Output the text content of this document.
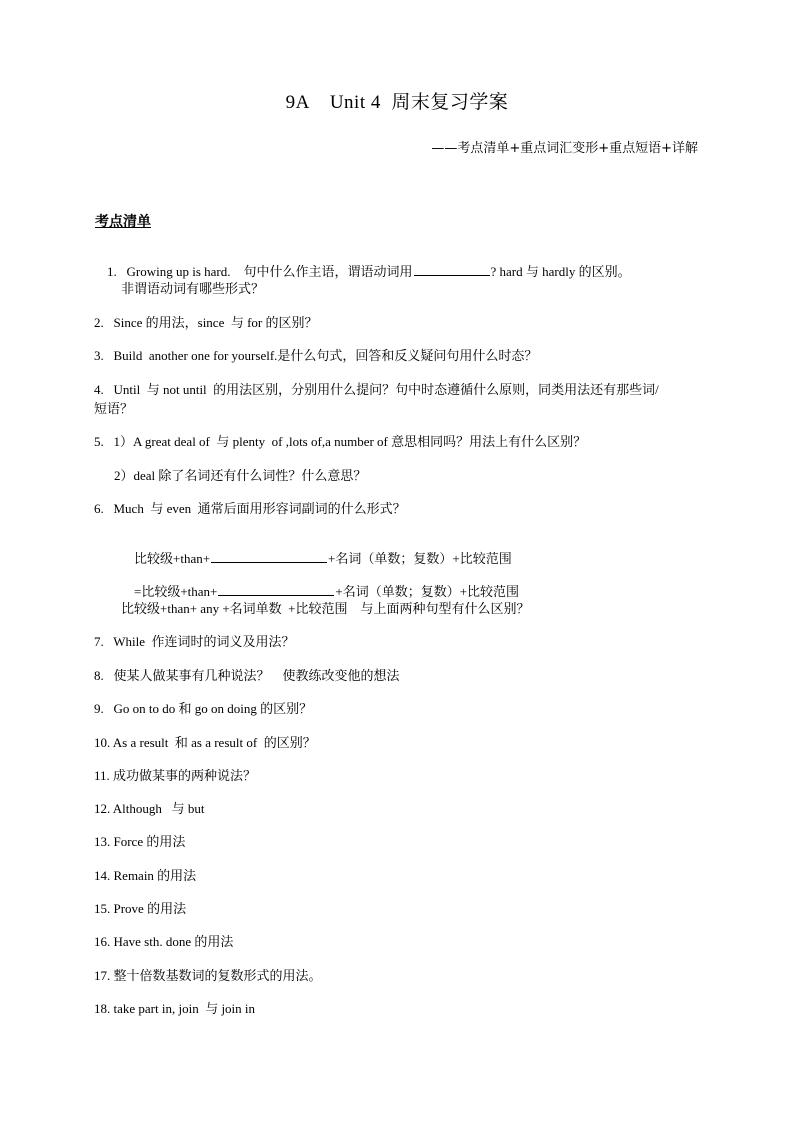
9A    Unit 4  周末复习学案
——考点清单+重点词汇变形+重点短语+详解
考点清单

1.   Growing up is hard.    句中什么作主语，谓语动词用	? hard 与 hardly 的区别。

非谓语动词有哪些形式？
2.   Since 的用法，since  与 for 的区别？
3.   Build  another one for yourself.是什么句式，回答和反义疑问句用什么时态？
4.   Until  与 not until  的用法区别，分别用什么提问？句中时态遵循什么原则，同类用法还有那些词/
短语？
5.   1）A great deal of  与 plenty  of ,lots of,a number of 意思相同吗？用法上有什么区别？
2）deal 除了名词还有什么词性？什么意思？
6.   Much  与 even  通常后面用形容词副词的什么形式？

比较级+than+	+名词（单数；复数）+比较范围

=比较级+than+	+名词（单数；复数）+比较范围

比较级+than+ any +名词单数  +比较范围    与上面两种句型有什么区别？
7.   While  作连词时的词义及用法？
8.   使某人做某事有几种说法？    使教练改变他的想法
9.   Go on to do 和 go on doing 的区别？
10. As a result  和 as a result of  的区别？
11. 成功做某事的两种说法？
12. Although   与 but
13. Force 的用法
14. Remain 的用法
15. Prove 的用法
16. Have sth. done 的用法
17. 整十倍数基数词的复数形式的用法。
18. take part in, join  与 join in
